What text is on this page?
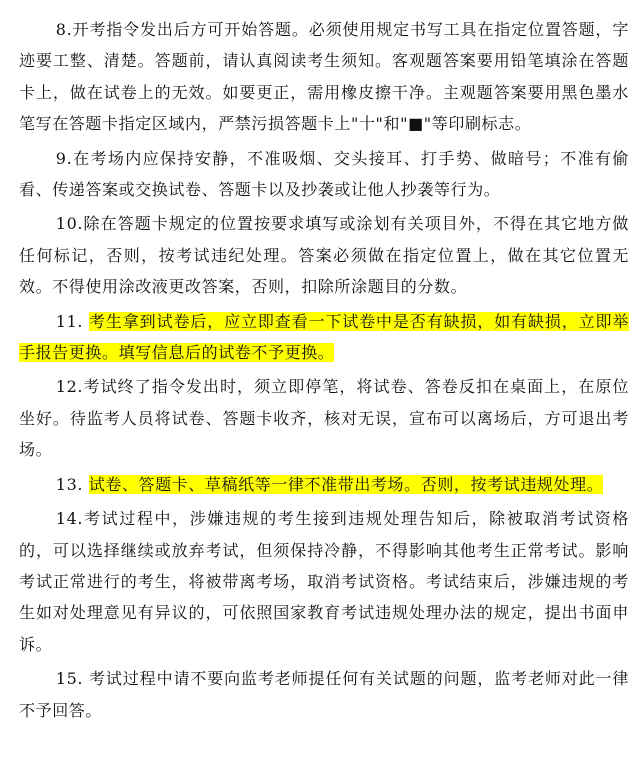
8.开考指令发出后方可开始答题。必须使用规定书写工具在指定位置答题，字迹要工整、清楚。答题前，请认真阅读考生须知。客观题答案要用铅笔填涂在答题卡上，做在试卷上的无效。如要更正，需用橡皮擦干净。主观题答案要用黑色墨水笔写在答题卡指定区域内，严禁污损答题卡上"十"和"■"等印刷标志。

9.在考场内应保持安静，不准吸烟、交头接耳、打手势、做暗号；不准有偷看、传递答案或交换试卷、答题卡以及抄袭或让他人抄袭等行为。

10.除在答题卡规定的位置按要求填写或涂划有关项目外，不得在其它地方做任何标记，否则，按考试违纪处理。答案必须做在指定位置上，做在其它位置无效。不得使用涂改液更改答案，否则，扣除所涂题目的分数。

11. 考生拿到试卷后，应立即查看一下试卷中是否有缺损，如有缺损，立即举手报告更换。填写信息后的试卷不予更换。

12.考试终了指令发出时，须立即停笔，将试卷、答卷反扣在桌面上，在原位坐好。待监考人员将试卷、答题卡收齐，核对无误，宣布可以离场后，方可退出考场。

13. 试卷、答题卡、草稿纸等一律不准带出考场。否则，按考试违规处理。

14.考试过程中，涉嫌违规的考生接到违规处理告知后，除被取消考试资格的，可以选择继续或放弃考试，但须保持冷静，不得影响其他考生正常考试。影响考试正常进行的考生，将被带离考场，取消考试资格。考试结束后，涉嫌违规的考生如对处理意见有异议的，可依照国家教育考试违规处理办法的规定，提出书面申诉。

15. 考试过程中请不要向监考老师提任何有关试题的问题，监考老师对此一律不予回答。
